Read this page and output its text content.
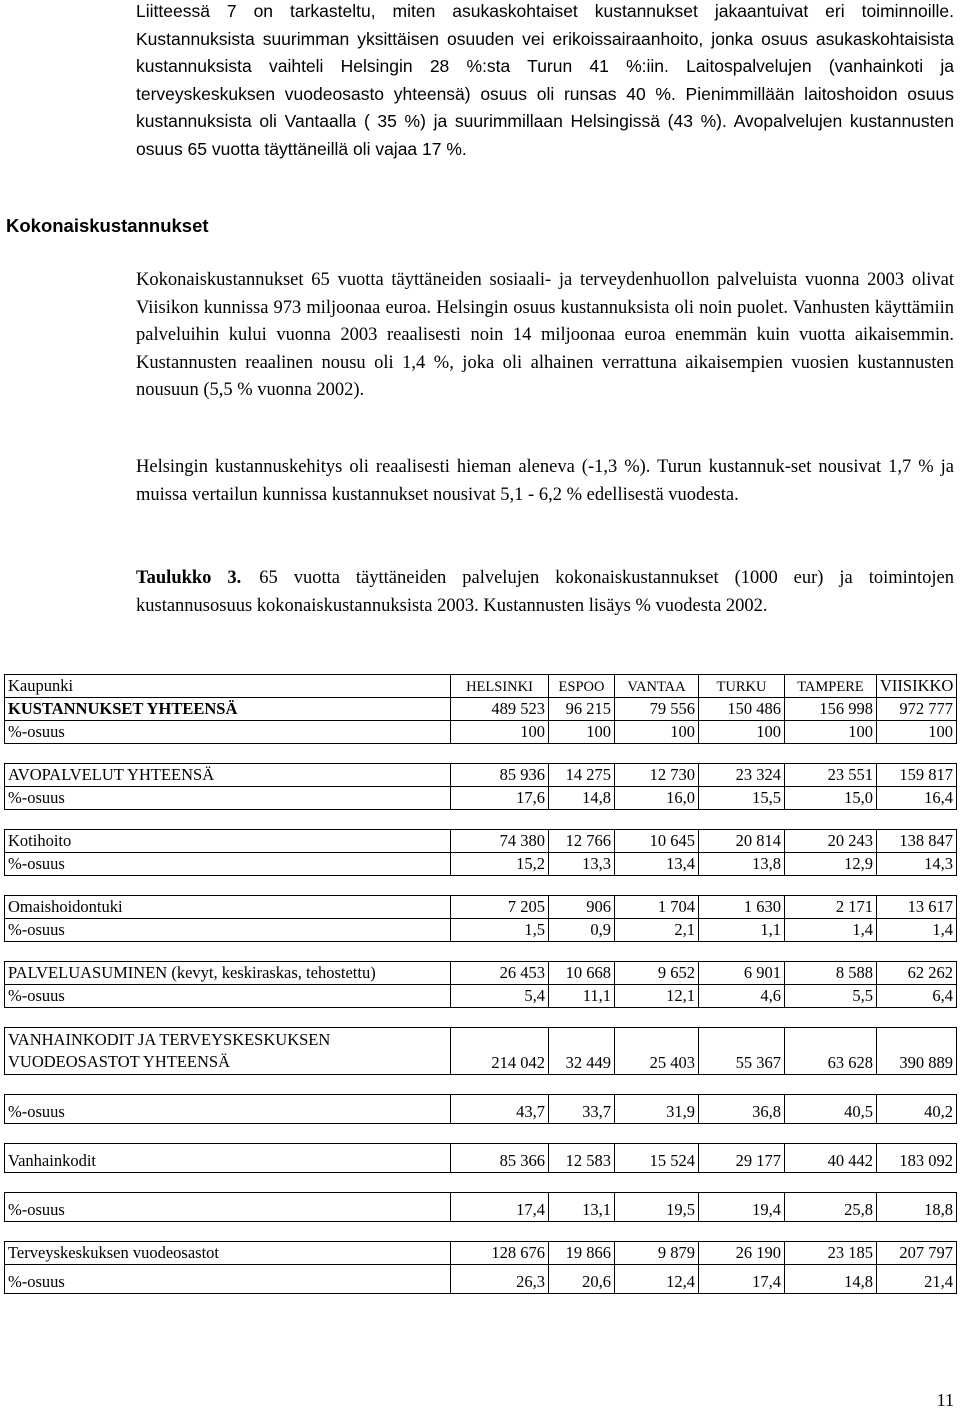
Liitteessä 7 on tarkasteltu, miten asukaskohtaiset kustannukset jakaantuivat eri toiminnoille. Kustannuksista suurimman yksittäisen osuuden vei erikoissairaanhoito, jonka osuus asukaskohtaisista kustannuksista vaihteli Helsingin 28 %:sta Turun 41 %:iin. Laitospalvelujen (vanhainkoti ja terveyskeskuksen vuodeosasto yhteensä) osuus oli runsas 40 %. Pienimmillään laitoshoidon osuus kustannuksista oli Vantaalla ( 35 %) ja suurimmillaan Helsingissä (43 %). Avopalvelujen kustannusten osuus 65 vuotta täyttäneillä oli vajaa 17 %.

Kokonaiskustannukset

Kokonaiskustannukset 65 vuotta täyttäneiden sosiaali- ja terveydenhuollon palveluista vuonna 2003 olivat Viisikon kunnissa 973 miljoonaa euroa. Helsingin osuus kustannuksista oli noin puolet. Vanhusten käyttämiin palveluihin kului vuonna 2003 reaalisesti noin 14 miljoonaa euroa enemmän kuin vuotta aikaisemmin. Kustannusten reaalinen nousu oli 1,4 %, joka oli alhainen verrattuna aikaisempien vuosien kustannusten nousuun (5,5 % vuonna 2002).

Helsingin kustannuskehitys oli reaalisesti hieman aleneva (-1,3 %). Turun kustannuk-set nousivat 1,7 % ja muissa vertailun kunnissa kustannukset nousivat 5,1 - 6,2 % edellisestä vuodesta.

Taulukko 3. 65 vuotta täyttäneiden palvelujen kokonaiskustannukset (1000 eur) ja toimintojen kustannusosuus kokonaiskustannuksista 2003. Kustannusten lisäys % vuodesta 2002.

Kaupunki	HELSINKI	ESPOO	VANTAA	TURKU	TAMPERE	VIISIKKO
KUSTANNUKSET YHTEENSÄ	489 523	96 215	79 556	150 486	156 998	972 777
%-osuus	100	100	100	100	100	100

AVOPALVELUT YHTEENSÄ	85 936	14 275	12 730	23 324	23 551	159 817
%-osuus	17,6	14,8	16,0	15,5	15,0	16,4

Kotihoito	74 380	12 766	10 645	20 814	20 243	138 847
%-osuus	15,2	13,3	13,4	13,8	12,9	14,3

Omaishoidontuki	7 205	906	1 704	1 630	2 171	13 617
%-osuus	1,5	0,9	2,1	1,1	1,4	1,4

PALVELUASUMINEN (kevyt, keskiraskas, tehostettu)	26 453	10 668	9 652	6 901	8 588	62 262
%-osuus	5,4	11,1	12,1	4,6	5,5	6,4

VANHAINKODIT JA TERVEYSKESKUKSEN
VUODEOSASTOT YHTEENSÄ	214 042	32 449	25 403	55 367	63 628	390 889

%-osuus	43,7	33,7	31,9	36,8	40,5	40,2

Vanhainkodit	85 366	12 583	15 524	29 177	40 442	183 092

%-osuus	17,4	13,1	19,5	19,4	25,8	18,8

Terveyskeskuksen vuodeosastot	128 676	19 866	9 879	26 190	23 185	207 797
%-osuus	26,3	20,6	12,4	17,4	14,8	21,4

11
